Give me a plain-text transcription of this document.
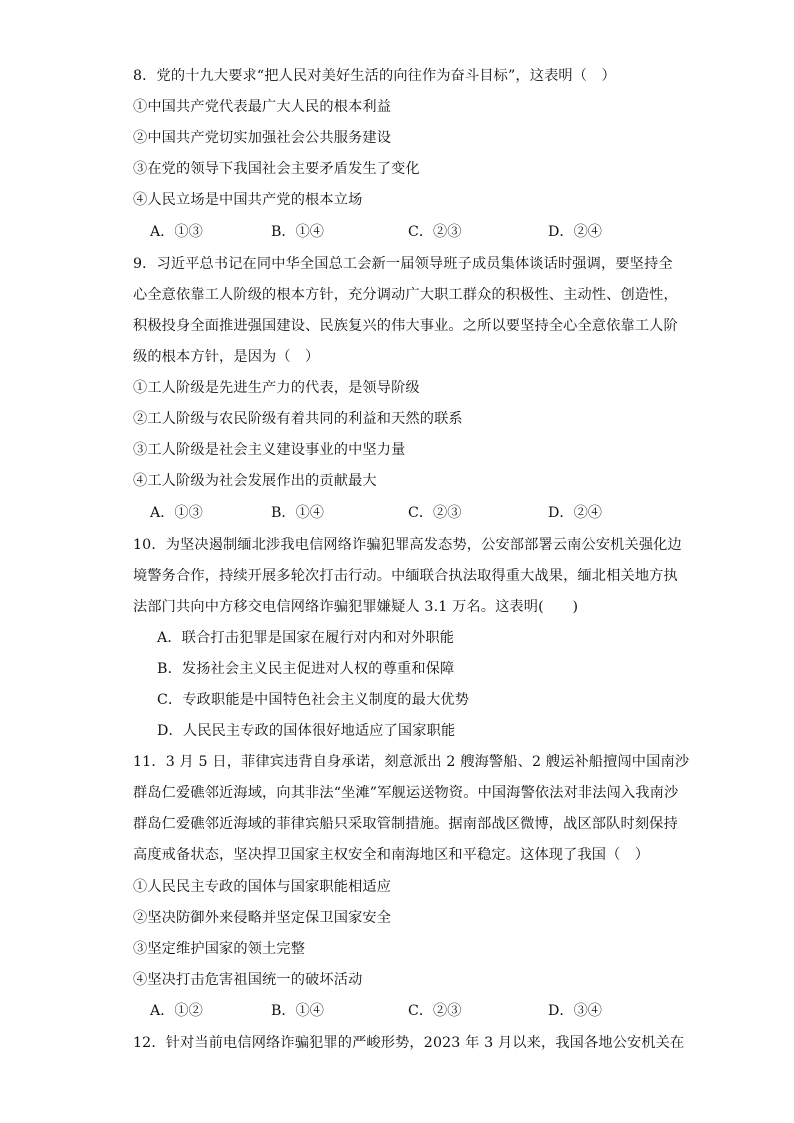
8．党的十九大要求“把人民对美好生活的向往作为奋斗目标”，这表明（　）
①中国共产党代表最广大人民的根本利益
②中国共产党切实加强社会公共服务建设
③在党的领导下我国社会主要矛盾发生了变化
④人民立场是中国共产党的根本立场
A．①③	B．①④	C．②③	D．②④
9．习近平总书记在同中华全国总工会新一届领导班子成员集体谈话时强调，要坚持全
心全意依靠工人阶级的根本方针，充分调动广大职工群众的积极性、主动性、创造性，
积极投身全面推进强国建设、民族复兴的伟大事业。之所以要坚持全心全意依靠工人阶
级的根本方针，是因为（　）
①工人阶级是先进生产力的代表，是领导阶级
②工人阶级与农民阶级有着共同的利益和天然的联系
③工人阶级是社会主义建设事业的中坚力量
④工人阶级为社会发展作出的贡献最大
A．①③	B．①④	C．②③	D．②④
10．为坚决遏制缅北涉我电信网络诈骗犯罪高发态势，公安部部署云南公安机关强化边
境警务合作，持续开展多轮次打击行动。中缅联合执法取得重大战果，缅北相关地方执
法部门共向中方移交电信网络诈骗犯罪嫌疑人 3.1 万名。这表明(　　)
A．联合打击犯罪是国家在履行对内和对外职能
B．发扬社会主义民主促进对人权的尊重和保障
C．专政职能是中国特色社会主义制度的最大优势
D．人民民主专政的国体很好地适应了国家职能
11．3 月 5 日，菲律宾违背自身承诺，刻意派出 2 艘海警船、2 艘运补船擅闯中国南沙
群岛仁爱礁邻近海域，向其非法“坐滩”军舰运送物资。中国海警依法对非法闯入我南沙
群岛仁爱礁邻近海域的菲律宾船只采取管制措施。据南部战区微博，战区部队时刻保持
高度戒备状态，坚决捍卫国家主权安全和南海地区和平稳定。这体现了我国（　）
①人民民主专政的国体与国家职能相适应
②坚决防御外来侵略并坚定保卫国家安全
③坚定维护国家的领土完整
④坚决打击危害祖国统一的破坏活动
A．①②	B．①④	C．②③	D．③④
12．针对当前电信网络诈骗犯罪的严峻形势，2023 年 3 月以来，我国各地公安机关在
